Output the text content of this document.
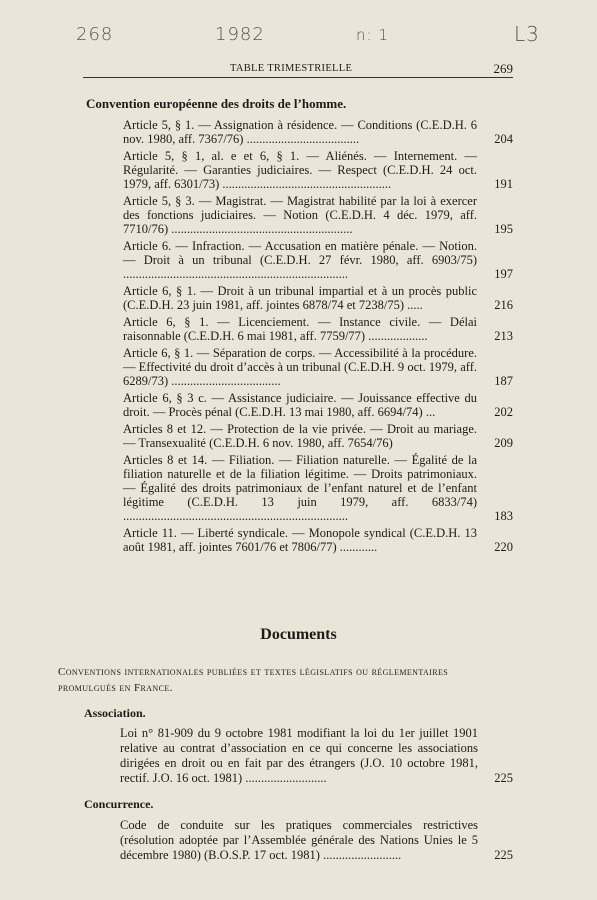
268	1982	n: 1	L3
TABLE TRIMESTRIELLE	269
Convention européenne des droits de l’homme.
Article 5, § 1. — Assignation à résidence. — Conditions (C.E.D.H. 6 nov. 1980, aff. 7367/76) ....................................	204
Article 5, § 1, al. e et 6, § 1. — Aliénés. — Internement. — Régularité. — Garanties judiciaires. — Respect (C.E.D.H. 24 oct. 1979, aff. 6301/73) ......................................................	191
Article 5, § 3. — Magistrat. — Magistrat habilité par la loi à exercer des fonctions judiciaires. — Notion (C.E.D.H. 4 déc. 1979, aff. 7710/76) ..........................................................	195
Article 6. — Infraction. — Accusation en matière pénale. — Notion. — Droit à un tribunal (C.E.D.H. 27 févr. 1980, aff. 6903/75) ........................................................................	197
Article 6, § 1. — Droit à un tribunal impartial et à un procès public (C.E.D.H. 23 juin 1981, aff. jointes 6878/74 et 7238/75) .....	216
Article 6, § 1. — Licenciement. — Instance civile. — Délai raisonnable (C.E.D.H. 6 mai 1981, aff. 7759/77) ...................	213
Article 6, § 1. — Séparation de corps. — Accessibilité à la procédure. — Effectivité du droit d’accès à un tribunal (C.E.D.H. 9 oct. 1979, aff. 6289/73) ...................................	187
Article 6, § 3 c. — Assistance judiciaire. — Jouissance effective du droit. — Procès pénal (C.E.D.H. 13 mai 1980, aff. 6694/74) ...	202
Articles 8 et 12. — Protection de la vie privée. — Droit au mariage. — Transexualité (C.E.D.H. 6 nov. 1980, aff. 7654/76)	209
Articles 8 et 14. — Filiation. — Filiation naturelle. — Égalité de la filiation naturelle et de la filiation légitime. — Droits patrimoniaux. — Égalité des droits patrimoniaux de l’enfant naturel et de l’enfant légitime (C.E.D.H. 13 juin 1979, aff. 6833/74) ........................................................................	183
Article 11. — Liberté syndicale. — Monopole syndical (C.E.D.H. 13 août 1981, aff. jointes 7601/76 et 7806/77) ............	220
Documents
Conventions internationales publiées et textes législatifs ou réglementaires promulgués en France.
Association.
Loi n° 81-909 du 9 octobre 1981 modifiant la loi du 1er juillet 1901 relative au contrat d’association en ce qui concerne les associations dirigées en droit ou en fait par des étrangers (J.O. 10 octobre 1981, rectif. J.O. 16 oct. 1981) ..........................	225
Concurrence.
Code de conduite sur les pratiques commerciales restrictives (résolution adoptée par l’Assemblée générale des Nations Unies le 5 décembre 1980) (B.O.S.P. 17 oct. 1981) .........................	225
